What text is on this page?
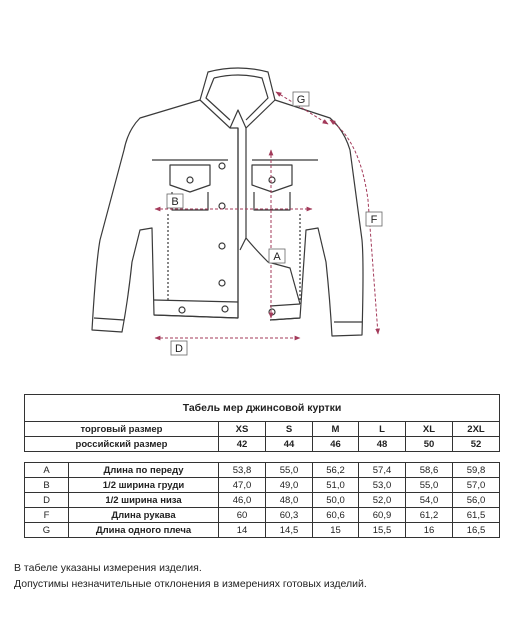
G
F
B
A
D
Табель мер джинсовой куртки							
торговый размер		XS	S	M	L	XL	2XL
российский размер		42	44	46	48	50	52

A	Длина по переду	53,8	55,0	56,2	57,4	58,6	59,8
B	1/2 ширина груди	47,0	49,0	51,0	53,0	55,0	57,0
D	1/2 ширина низа	46,0	48,0	50,0	52,0	54,0	56,0
F	Длина рукава	60	60,3	60,6	60,9	61,2	61,5
G	Длина одного плеча	14	14,5	15	15,5	16	16,5
В табеле указаны измерения изделия.
Допустимы незначительные отклонения в измерениях готовых изделий.
